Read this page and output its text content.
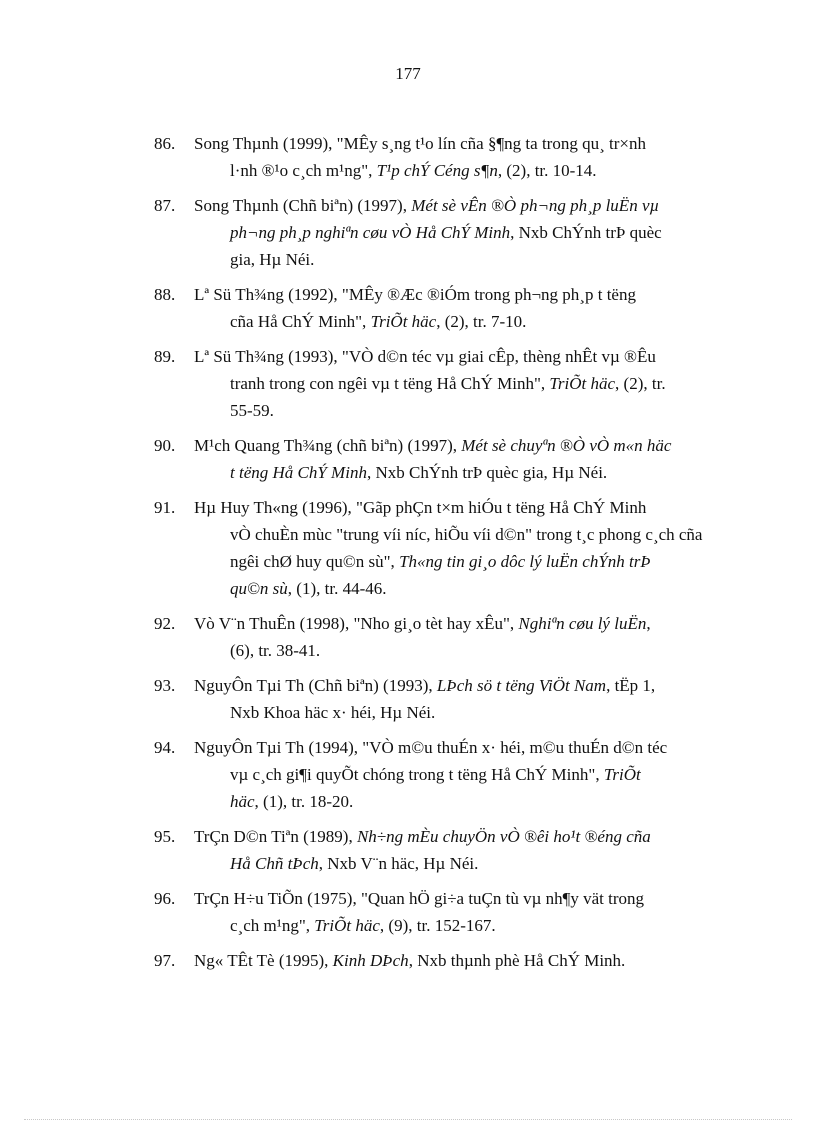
177
86.	Song Thµnh (1999), "MÊy s¸ng t¹o lín cña §¶ng ta trong qu¸ tr×nh
l·nh ®¹o c¸ch m¹ng", T¹p chÝ Céng s¶n, (2), tr. 10-14.
87.	Song Thµnh (Chñ biªn) (1997), Mét sè vÊn ®Ò ph¬ng ph¸p luËn vµ
ph¬ng ph¸p nghiªn cøu vÒ Hå ChÝ Minh, Nxb ChÝnh trÞ quèc
gia, Hµ Néi.
88.	Lª Sü Th¾ng (1992), "MÊy ®Æc ®iÓm trong ph¬ng ph¸p t tëng
cña Hå ChÝ Minh", TriÕt häc, (2), tr. 7-10.
89.	Lª Sü Th¾ng (1993), "VÒ d©n téc vµ giai cÊp, thèng nhÊt vµ ®Êu
tranh trong con ngêi vµ t tëng Hå ChÝ Minh", TriÕt häc, (2), tr.
55-59.
90.	M¹ch Quang Th¾ng (chñ biªn) (1997), Mét sè chuyªn ®Ò vÒ m«n häc
t tëng Hå ChÝ Minh, Nxb ChÝnh trÞ quèc gia, Hµ Néi.
91.	Hµ Huy Th«ng (1996), "Gãp phÇn t×m hiÓu t tëng Hå ChÝ Minh
vÒ chuÈn mùc "trung víi níc, hiÕu víi d©n" trong t¸c phong c¸ch cña
ngêi chØ huy qu©n sù", Th«ng tin gi¸o dôc lý luËn chÝnh trÞ
qu©n sù, (1), tr. 44-46.
92.	Vò V¨n ThuÊn (1998), "Nho gi¸o tèt hay xÊu", Nghiªn cøu lý luËn,
(6), tr. 38-41.
93.	NguyÔn Tµi Th (Chñ biªn) (1993), LÞch sö t tëng ViÖt Nam, tËp 1,
Nxb Khoa häc x· héi, Hµ Néi.
94.	NguyÔn Tµi Th (1994), "VÒ m©u thuÉn x· héi, m©u thuÉn d©n téc
vµ c¸ch gi¶i quyÕt chóng trong t tëng Hå ChÝ Minh", TriÕt
häc, (1), tr. 18-20.
95.	TrÇn D©n Tiªn (1989), Nh÷ng mÈu chuyÖn vÒ ®êi ho¹t ®éng cña
Hå Chñ tÞch, Nxb V¨n häc, Hµ Néi.
96.	TrÇn H÷u TiÕn (1975), "Quan hÖ gi÷a tuÇn tù vµ nh¶y vät trong
c¸ch m¹ng", TriÕt häc, (9), tr. 152-167.
97.	Ng« TÊt Tè (1995), Kinh DÞch, Nxb thµnh phè Hå ChÝ Minh.
